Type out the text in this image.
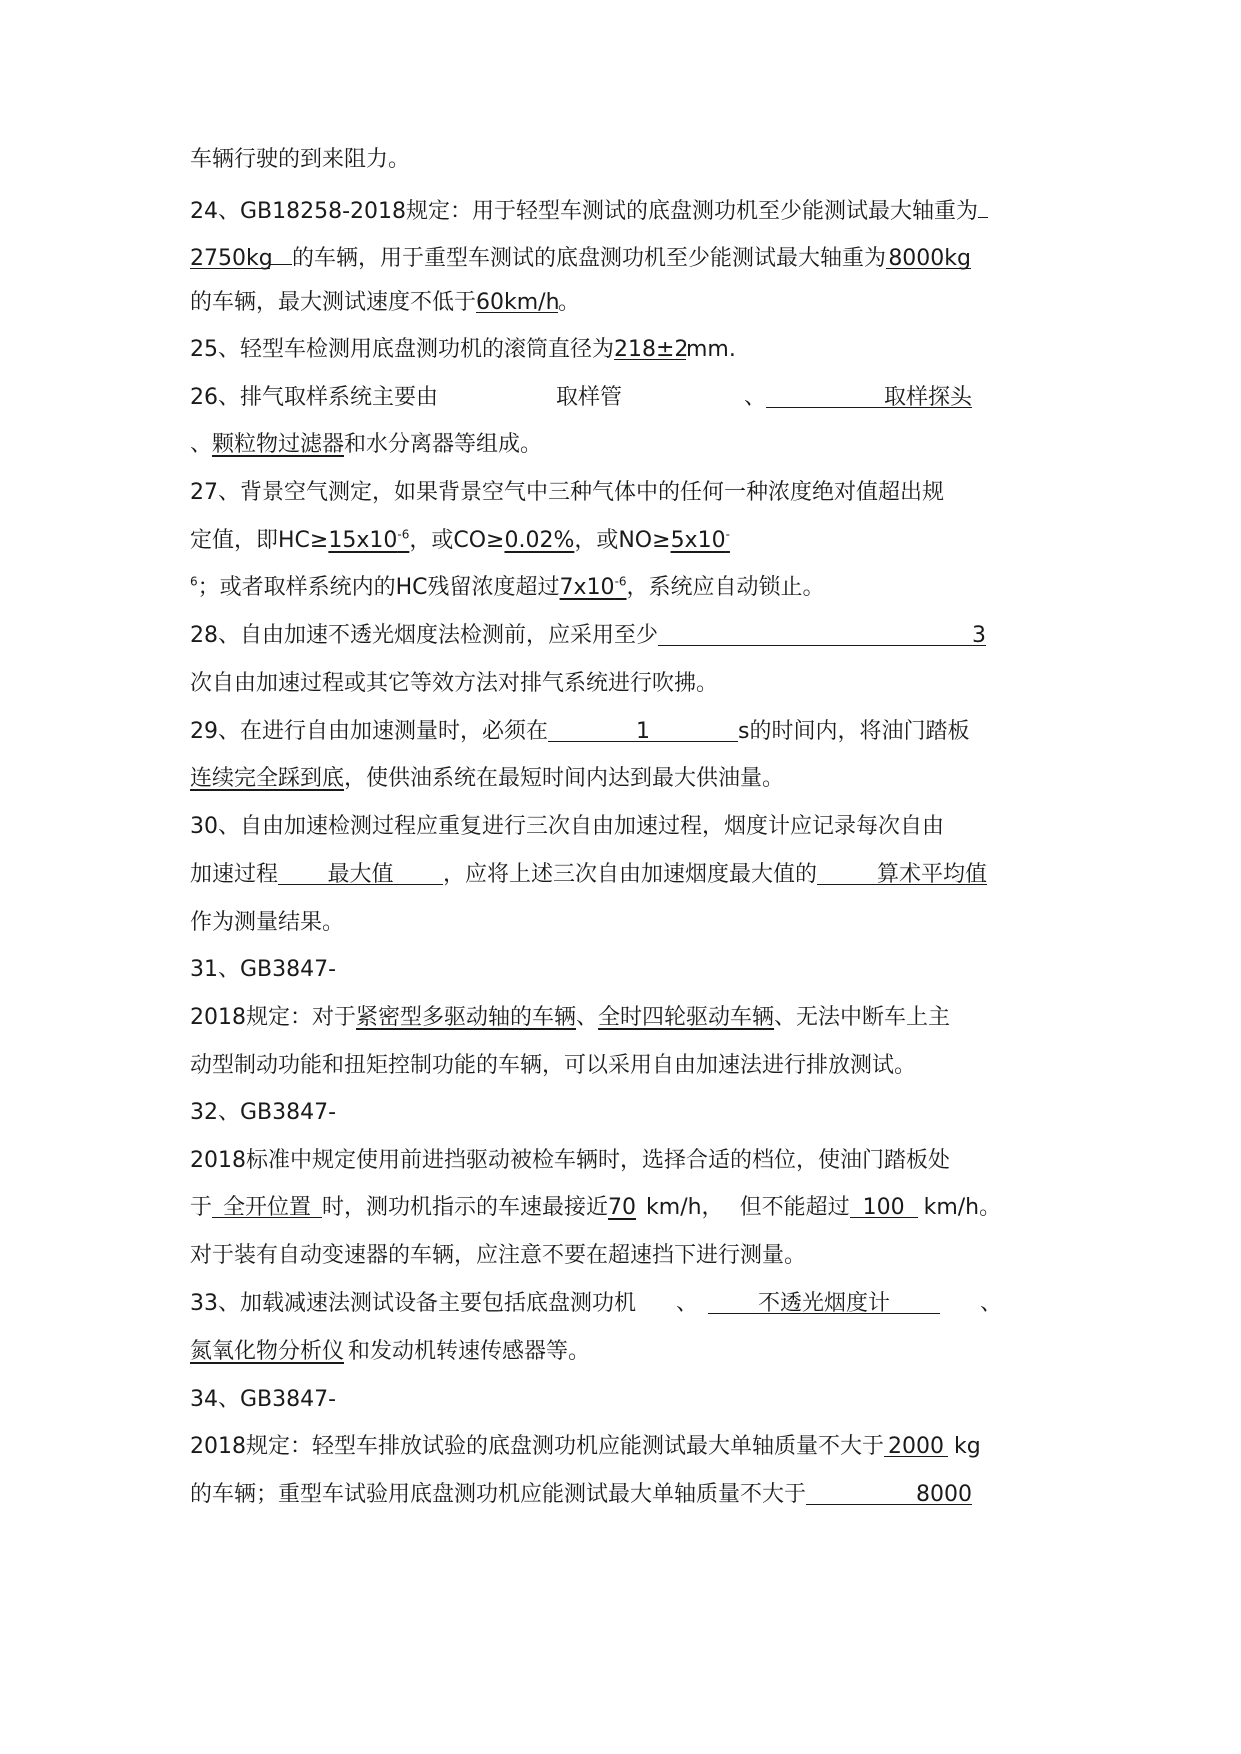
车辆行驶的到来阻力。
24、GB18258-2018规定：用于轻型车测试的底盘测功机至少能测试最大轴重为
2750kg 的车辆，用于重型车测试的底盘测功机至少能测试最大轴重为 8000kg
的车辆，最大测试速度不低于60km/h。
25、轻型车检测用底盘测功机的滚筒直径为218±2mm.
26、排气取样系统主要由	取样管	、	取样探头
、颗粒物过滤器和水分离器等组成。
27、背景空气测定，如果背景空气中三种气体中的任何一种浓度绝对值超出规
定值，即$HC\ge 15x10^{-6}$，或CO≥0.02%，或NO≥5x10-
$^6$；或者取样系统内的HC残留浓度超过$7x10^{-6}$，系统应自动锁止。
28、自由加速不透光烟度法检测前，应采用至少	3
次自由加速过程或其它等效方法对排气系统进行吹拂。
29、在进行自由加速测量时，必须在	1	s的时间内，将油门踏板
连续完全踩到底，使供油系统在最短时间内达到最大供油量。
30、自由加速检测过程应重复进行三次自由加速过程，烟度计应记录每次自由
加速过程 最大值 ，应将上述三次自由加速烟度最大值的	算术平均值
作为测量结果。
31、GB3847-
2018规定：对于紧密型多驱动轴的车辆、全时四轮驱动车辆、无法中断车上主
动型制动功能和扭矩控制功能的车辆，可以采用自由加速法进行排放测试。
32、GB3847-
2018标准中规定使用前进挡驱动被检车辆时，选择合适的档位，使油门踏板处
于 全开位置 时，测功机指示的车速最接近70 km/h， 但不能超过 100 km/h。
对于装有自动变速器的车辆，应注意不要在超速挡下进行测量。
33、加载减速法测试设备主要包括底盘测功机 、	不透光烟度计	、
氮氧化物分析仪 和发动机转速传感器等。
34、GB3847-
2018规定：轻型车排放试验的底盘测功机应能测试最大单轴质量不大于 2000 kg
的车辆；重型车试验用底盘测功机应能测试最大单轴质量不大于	8000
